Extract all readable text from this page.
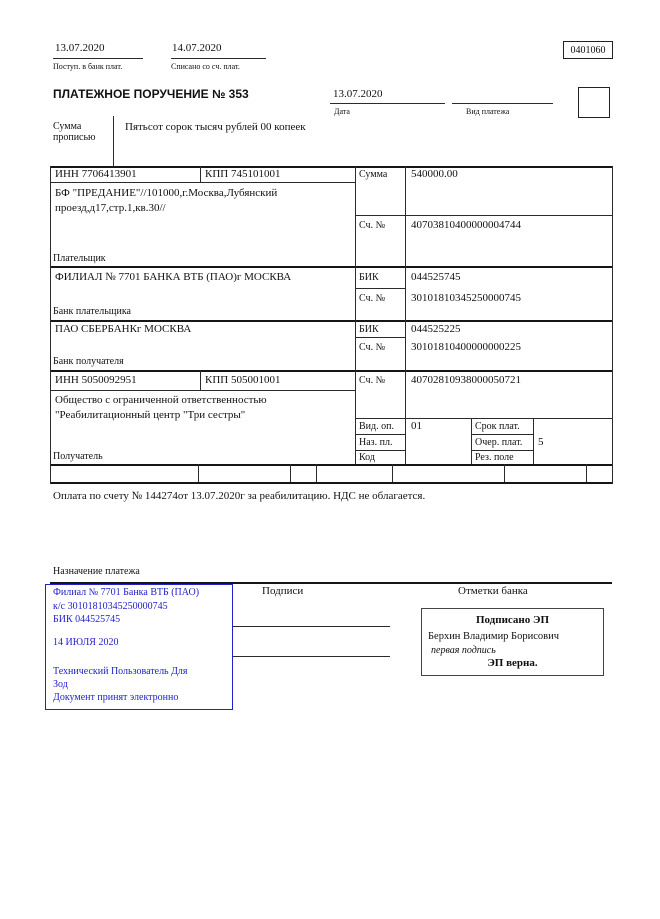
13.07.2020
Поступ. в банк плат.
14.07.2020
Списано со сч. плат.
0401060
ПЛАТЕЖНОЕ ПОРУЧЕНИЕ № 353	13.07.2020
Дата	Вид платежа
Сумма прописью
Пятьсот сорок тысяч рублей 00 копеек
ИНН 7706413901	КПП 745101001	Сумма 540000.00
БФ "ПРЕДАНИЕ"//101000,г.Москва,Лубянский проезд,д17,стр.1,кв.30//
Сч. № 40703810400000004744
Плательщик
ФИЛИАЛ № 7701 БАНКА ВТБ (ПАО)г МОСКВА	БИК	044525745
Сч. № 30101810345250000745
Банк плательщика
ПАО СБЕРБАНКг МОСКВА	БИК	044525225
Сч. № 30101810400000000225
Банк получателя
ИНН 5050092951	КПП 505001001	Сч. № 40702810938000050721
Общество с ограниченной ответственностью "Реабилитационный центр "Три сестры"
Вид. оп. 01	Срок плат.
Наз. пл.	Очер. плат. 5
Код	Рез. поле
Получатель
Оплата по счету № 144274от 13.07.2020г за реабилитацию. НДС не облагается.
Назначение платежа
Подписи	Отметки банка
Филиал № 7701 Банка ВТБ (ПАО)
к/с 30101810345250000745
БИК 044525745
14 ИЮЛЯ 2020
Технический Пользователь Для
Зод
Документ принят электронно
Подписано ЭП
Берхин Владимир Борисович
первая подпись
ЭП верна.
